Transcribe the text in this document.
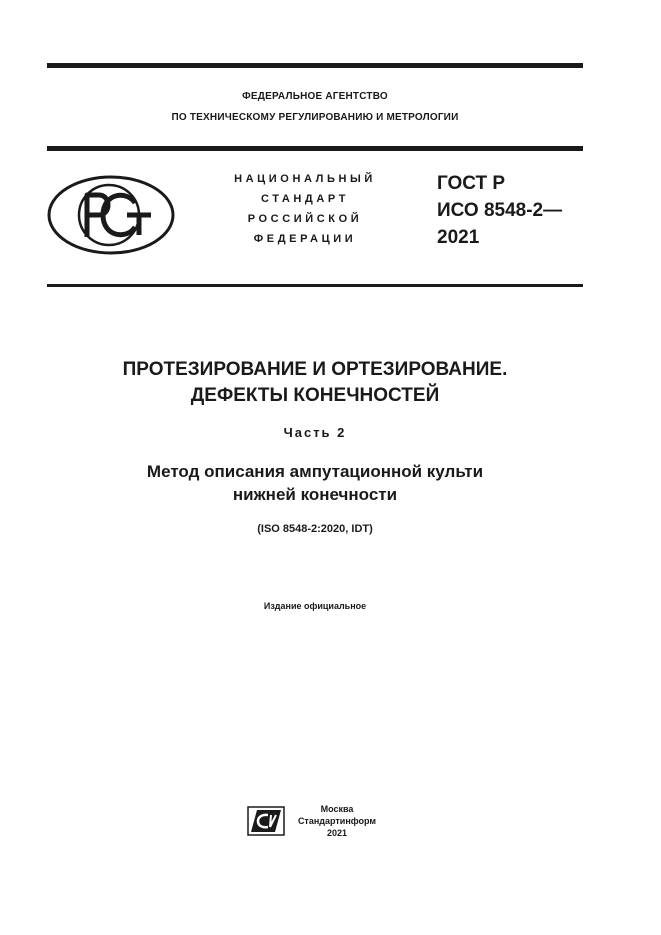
ФЕДЕРАЛЬНОЕ АГЕНТСТВО
ПО ТЕХНИЧЕСКОМУ РЕГУЛИРОВАНИЮ И МЕТРОЛОГИИ
НАЦИОНАЛЬНЫЙ
СТАНДАРТ
РОССИЙСКОЙ
ФЕДЕРАЦИИ
ГОСТ Р
ИСО 8548-2—
2021
ПРОТЕЗИРОВАНИЕ И ОРТЕЗИРОВАНИЕ.
ДЕФЕКТЫ КОНЕЧНОСТЕЙ
Часть 2
Метод описания ампутационной культи
нижней конечности
(ISO 8548-2:2020, IDT)
Издание официальное
Москва
Стандартинформ
2021
